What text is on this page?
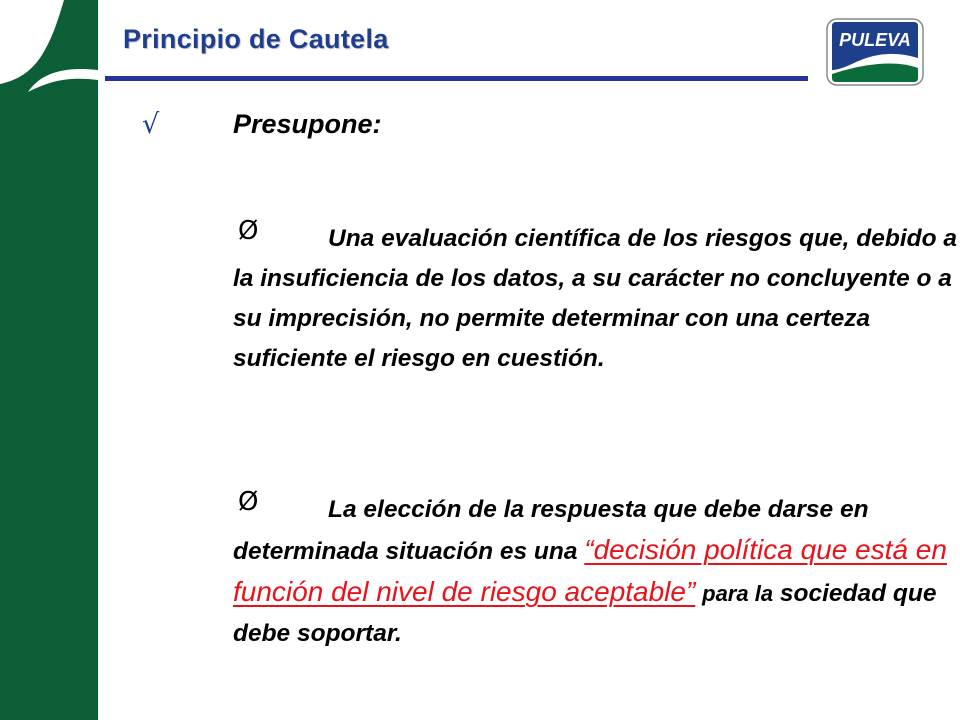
Principio de Cautela	PULEVA
√	Presupone:
Ø	Una evaluación científica de los riesgos que, debido a la insuficiencia de los datos, a su carácter no concluyente o a su imprecisión, no permite determinar con una certeza suficiente el riesgo en cuestión.

Ø	La elección de la respuesta que debe darse en determinada situación es una “decisión política que está en función del nivel de riesgo aceptable” para la sociedad que debe soportar.
